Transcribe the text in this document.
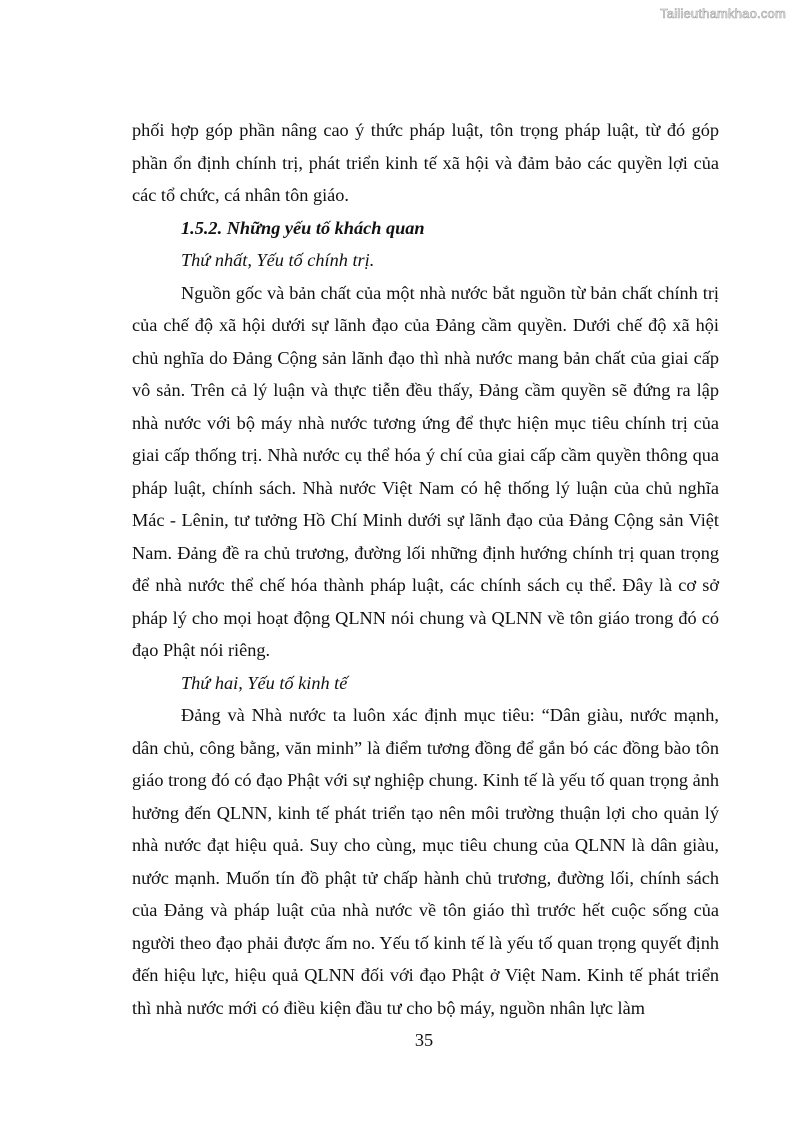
Tailieuthamkhao.com

phối hợp góp phần nâng cao ý thức pháp luật, tôn trọng pháp luật, từ đó góp phần ổn định chính trị, phát triển kinh tế xã hội và đảm bảo các quyền lợi của các tổ chức, cá nhân tôn giáo.

1.5.2. Những yếu tố khách quan

Thứ nhất, Yếu tố chính trị.

Nguồn gốc và bản chất của một nhà nước bắt nguồn từ bản chất chính trị của chế độ xã hội dưới sự lãnh đạo của Đảng cầm quyền. Dưới chế độ xã hội chủ nghĩa do Đảng Cộng sản lãnh đạo thì nhà nước mang bản chất của giai cấp vô sản. Trên cả lý luận và thực tiễn đều thấy, Đảng cầm quyền sẽ đứng ra lập nhà nước với bộ máy nhà nước tương ứng để thực hiện mục tiêu chính trị của giai cấp thống trị. Nhà nước cụ thể hóa ý chí của giai cấp cầm quyền thông qua pháp luật, chính sách. Nhà nước Việt Nam có hệ thống lý luận của chủ nghĩa Mác - Lênin, tư tưởng Hồ Chí Minh dưới sự lãnh đạo của Đảng Cộng sản Việt Nam. Đảng đề ra chủ trương, đường lối những định hướng chính trị quan trọng để nhà nước thể chế hóa thành pháp luật, các chính sách cụ thể. Đây là cơ sở pháp lý cho mọi hoạt động QLNN nói chung và QLNN về tôn giáo trong đó có đạo Phật nói riêng.

Thứ hai, Yếu tố kinh tế

Đảng và Nhà nước ta luôn xác định mục tiêu: “Dân giàu, nước mạnh, dân chủ, công bằng, văn minh” là điểm tương đồng để gắn bó các đồng bào tôn giáo trong đó có đạo Phật với sự nghiệp chung. Kinh tế là yếu tố quan trọng ảnh hưởng đến QLNN, kinh tế phát triển tạo nên môi trường thuận lợi cho quản lý nhà nước đạt hiệu quả. Suy cho cùng, mục tiêu chung của QLNN là dân giàu, nước mạnh. Muốn tín đồ phật tử chấp hành chủ trương, đường lối, chính sách của Đảng và pháp luật của nhà nước về tôn giáo thì trước hết cuộc sống của người theo đạo phải được ấm no. Yếu tố kinh tế là yếu tố quan trọng quyết định đến hiệu lực, hiệu quả QLNN đối với đạo Phật ở Việt Nam. Kinh tế phát triển thì nhà nước mới có điều kiện đầu tư cho bộ máy, nguồn nhân lực làm

35
